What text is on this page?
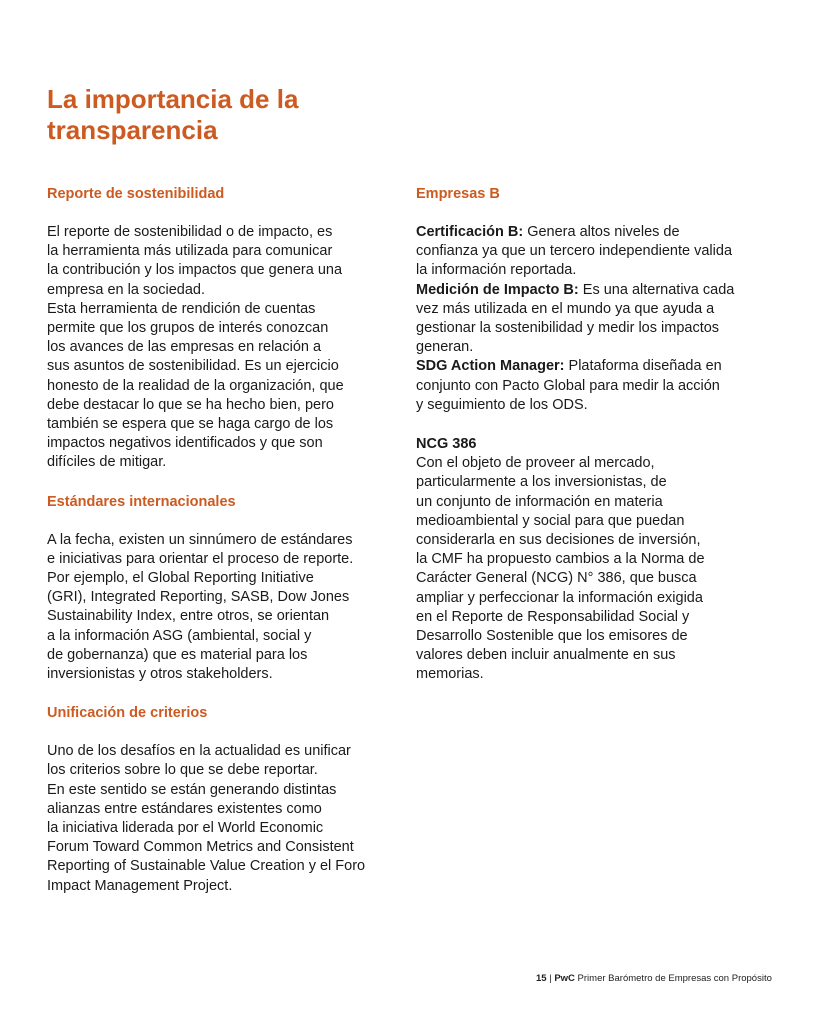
La importancia de la
transparencia
Reporte de sostenibilidad
El reporte de sostenibilidad o de impacto, es
la herramienta más utilizada para comunicar
la contribución y los impactos que genera una
empresa en la sociedad.
Esta herramienta de rendición de cuentas
permite que los grupos de interés conozcan
los avances de las empresas en relación a
sus asuntos de sostenibilidad. Es un ejercicio
honesto de la realidad de la organización, que
debe destacar lo que se ha hecho bien, pero
también se espera que se haga cargo de los
impactos negativos identificados y que son
difíciles de mitigar.
Estándares internacionales
A la fecha, existen un sinnúmero de estándares
e iniciativas para orientar el proceso de reporte.
Por ejemplo, el Global Reporting Initiative
(GRI), Integrated Reporting, SASB, Dow Jones
Sustainability Index, entre otros, se orientan
a la información ASG (ambiental, social y
de gobernanza) que es material para los
inversionistas y otros stakeholders.
Unificación de criterios
Uno de los desafíos en la actualidad es unificar
los criterios sobre lo que se debe reportar.
En este sentido se están generando distintas
alianzas entre estándares existentes como
la iniciativa liderada por el World Economic
Forum Toward Common Metrics and Consistent
Reporting of Sustainable Value Creation y el Foro
Impact Management Project.
Empresas B
Certificación B: Genera altos niveles de
confianza ya que un tercero independiente valida
la información reportada.
Medición de Impacto B: Es una alternativa cada
vez más utilizada en el mundo ya que ayuda a
gestionar la sostenibilidad y medir los impactos
generan.
SDG Action Manager: Plataforma diseñada en
conjunto con Pacto Global para medir la acción
y seguimiento de los ODS.
NCG 386
Con el objeto de proveer al mercado,
particularmente a los inversionistas, de
un conjunto de información en materia
medioambiental y social para que puedan
considerarla en sus decisiones de inversión,
la CMF ha propuesto cambios a la Norma de
Carácter General (NCG) N° 386, que busca
ampliar y perfeccionar la información exigida
en el Reporte de Responsabilidad Social y
Desarrollo Sostenible que los emisores de
valores deben incluir anualmente en sus
memorias.
15 | PwC Primer Barómetro de Empresas con Propósito
